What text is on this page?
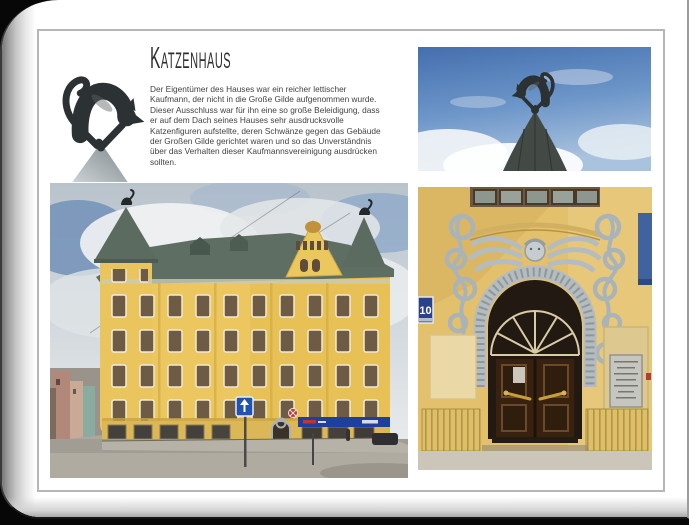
Katzenhaus
Der Eigentümer des Hauses war ein reicher lettischer
Kaufmann, der nicht in die Große Gilde aufgenommen wurde.
Dieser Ausschluss war für ihn eine so große Beleidigung, dass
er auf dem Dach seines Hauses sehr ausdrucksvolle
Katzenfiguren aufstellte, deren Schwänze gegen das Gebäude
der Großen Gilde gerichtet waren und so das Unverständnis
über das Verhalten dieser Kaufmannsvereinigung ausdrücken
sollten.
10
